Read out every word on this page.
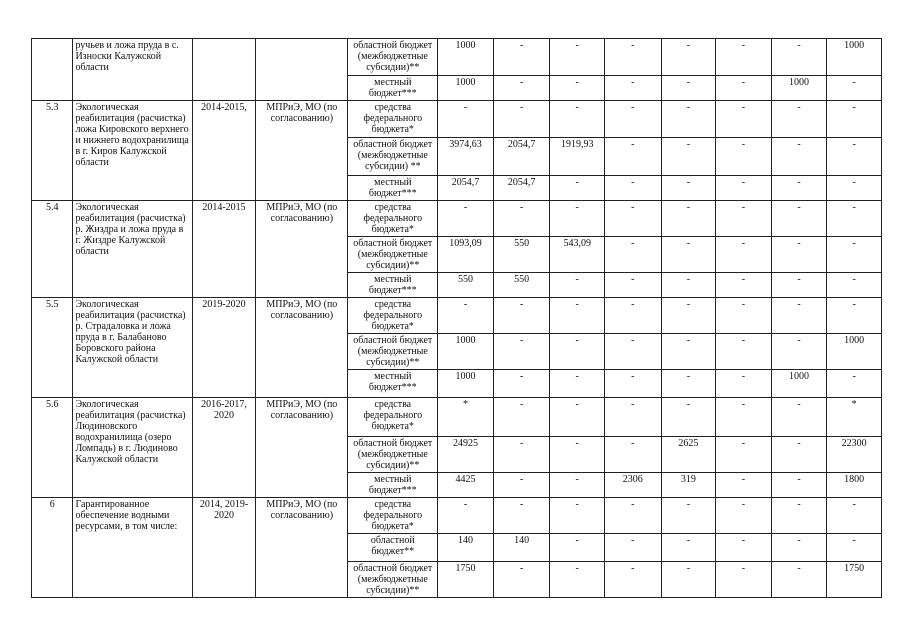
	ручьев и ложа пруда в с. Износки Калужской области			областной бюджет (межбюджетные субсидии)**	1000	-	-	-	-	-	-	1000
				местный бюджет***	1000	-	-	-	-	-	1000	-
5.3	Экологическая реабилитация (расчистка) ложа Кировского верхнего и нижнего водохранилища в г. Киров Калужской области	2014-2015,	МПРиЭ, МО (по согласованию)	средства федерального бюджета*	-	-	-	-	-	-	-	-
				областной бюджет (межбюджетные субсидии) **	3974,63	2054,7	1919,93	-	-	-	-	-
				местный бюджет***	2054,7	2054,7	-	-	-	-	-	-
5.4	Экологическая реабилитация (расчистка) р. Жиздра и ложа пруда в г. Жиздре Калужской области	2014-2015	МПРиЭ, МО (по согласованию)	средства федерального бюджета*	-	-	-	-	-	-	-	-
				областной бюджет (межбюджетные субсидии)**	1093,09	550	543,09	-	-	-	-	-
				местный бюджет***	550	550	-	-	-	-	-	-
5.5	Экологическая реабилитация (расчистка) р. Страдаловка и ложа пруда в г. Балабаново Боровского района Калужской области	2019-2020	МПРиЭ, МО (по согласованию)	средства федерального бюджета*	-	-	-	-	-	-	-	-
				областной бюджет (межбюджетные субсидии)**	1000	-	-	-	-	-	-	1000
				местный бюджет***	1000	-	-	-	-	-	1000	-
5.6	Экологическая реабилитация (расчистка) Людиновского водохранилища (озеро Ломпадь) в г. Людиново Калужской области	2016-2017, 2020	МПРиЭ, МО (по согласованию)	средства федерального бюджета*	*	-	-	-	-	-	-	*
				областной бюджет (межбюджетные субсидии)**	24925	-	-	-	2625	-	-	22300
				местный бюджет***	4425	-	-	2306	319	-	-	1800
6	Гарантированное обеспечение водными ресурсами, в том числе:	2014, 2019-2020	МПРиЭ, МО (по согласованию)	средства федерального бюджета*	-	-	-	-	-	-	-	-
				областной бюджет**	140	140	-	-	-	-	-	-
				областной бюджет (межбюджетные субсидии)**	1750	-	-	-	-	-	-	1750
